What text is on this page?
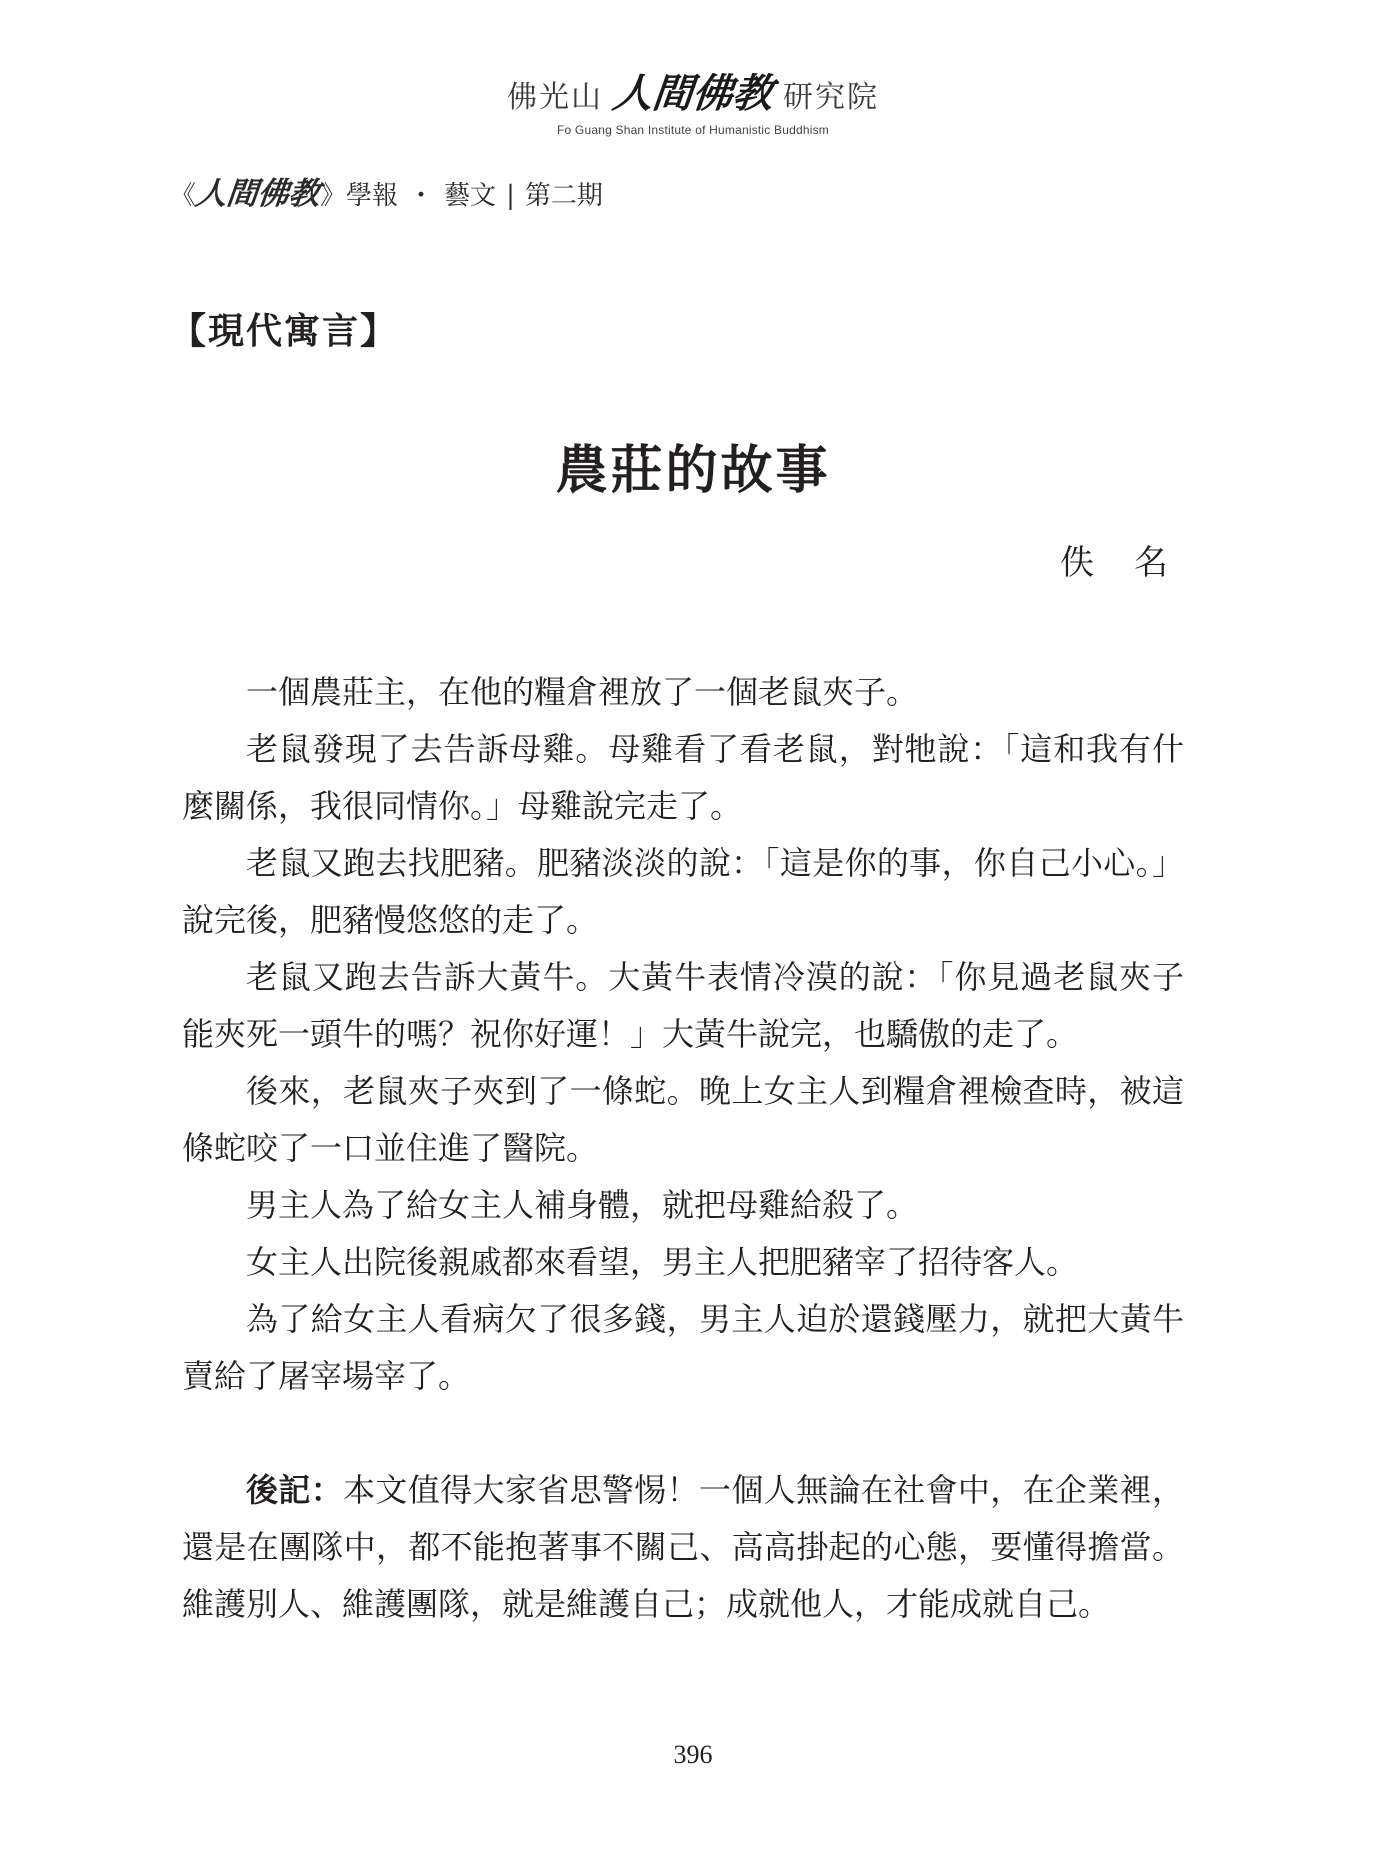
佛光山 人間佛教 研究院
Fo Guang Shan Institute of Humanistic Buddhism
《
人間佛教
》學報 ・ 藝文 | 第二期
【現代寓言】
農莊的故事
佚名

一個農莊主，在他的糧倉裡放了一個老鼠夾子。

老鼠發現了去告訴母雞。母雞看了看老鼠，對牠說：「這和我有什麼關係，我很同情你。」母雞說完走了。

老鼠又跑去找肥豬。肥豬淡淡的說：「這是你的事，你自己小心。」說完後，肥豬慢悠悠的走了。

老鼠又跑去告訴大黃牛。大黃牛表情冷漠的說：「你見過老鼠夾子能夾死一頭牛的嗎？祝你好運！」大黃牛說完，也驕傲的走了。

後來，老鼠夾子夾到了一條蛇。晚上女主人到糧倉裡檢查時，被這條蛇咬了一口並住進了醫院。

男主人為了給女主人補身體，就把母雞給殺了。

女主人出院後親戚都來看望，男主人把肥豬宰了招待客人。

為了給女主人看病欠了很多錢，男主人迫於還錢壓力，就把大黃牛賣給了屠宰場宰了。

後記：本文值得大家省思警惕！一個人無論在社會中，在企業裡，還是在團隊中，都不能抱著事不關己、高高掛起的心態，要懂得擔當。維護別人、維護團隊，就是維護自己；成就他人，才能成就自己。

396
